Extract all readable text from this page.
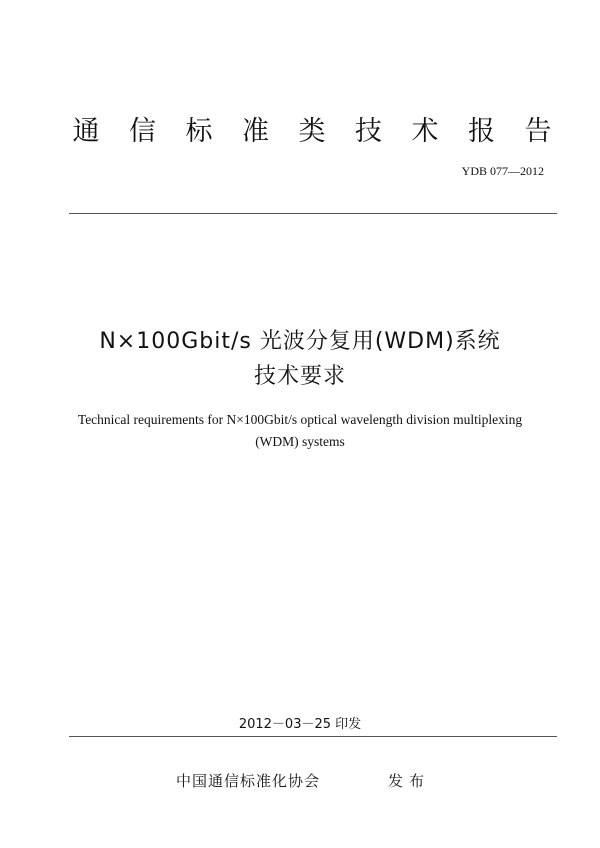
通 信 标 准 类 技 术 报 告
YDB 077—2012
N×100Gbit/s 光波分复用(WDM)系统
技术要求
Technical requirements for N×100Gbit/s optical wavelength division multiplexing
(WDM) systems
2012－03－25 印发
中国通信标准化协会	发布
